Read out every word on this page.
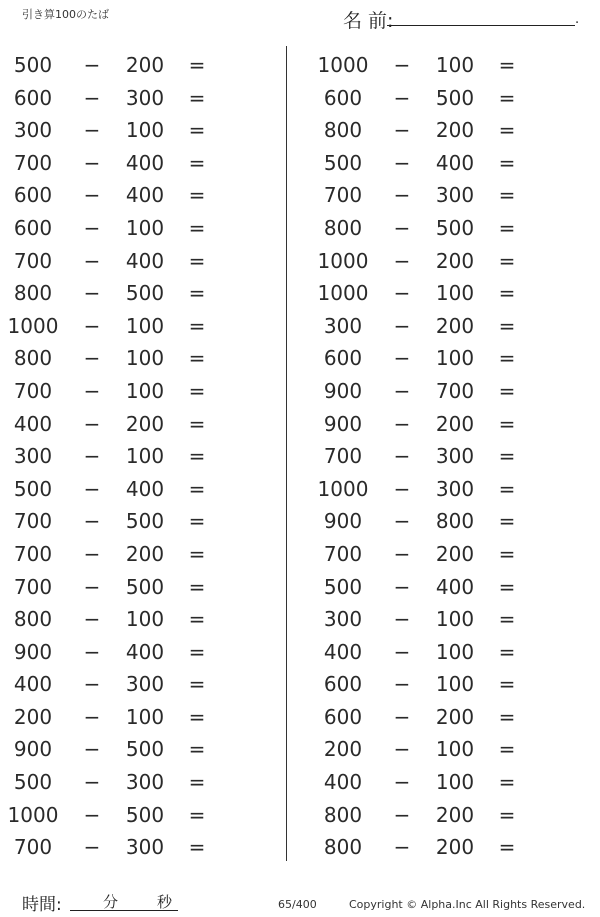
引き算100のたば	名 前:	.
500	−	200	=
600	−	300	=
300	−	100	=
700	−	400	=
600	−	400	=
600	−	100	=
700	−	400	=
800	−	500	=
1000	−	100	=
800	−	100	=
700	−	100	=
400	−	200	=
300	−	100	=
500	−	400	=
700	−	500	=
700	−	200	=
700	−	500	=
800	−	100	=
900	−	400	=
400	−	300	=
200	−	100	=
900	−	500	=
500	−	300	=
1000	−	500	=
700	−	300	=
1000	−	100	=
600	−	500	=
800	−	200	=
500	−	400	=
700	−	300	=
800	−	500	=
1000	−	200	=
1000	−	100	=
300	−	200	=
600	−	100	=
900	−	700	=
900	−	200	=
700	−	300	=
1000	−	300	=
900	−	800	=
700	−	200	=
500	−	400	=
300	−	100	=
400	−	100	=
600	−	100	=
600	−	200	=
200	−	100	=
400	−	100	=
800	−	200	=
800	−	200	=
時間:	分	秒	65/400	Copyright © Alpha.Inc All Rights Reserved.
